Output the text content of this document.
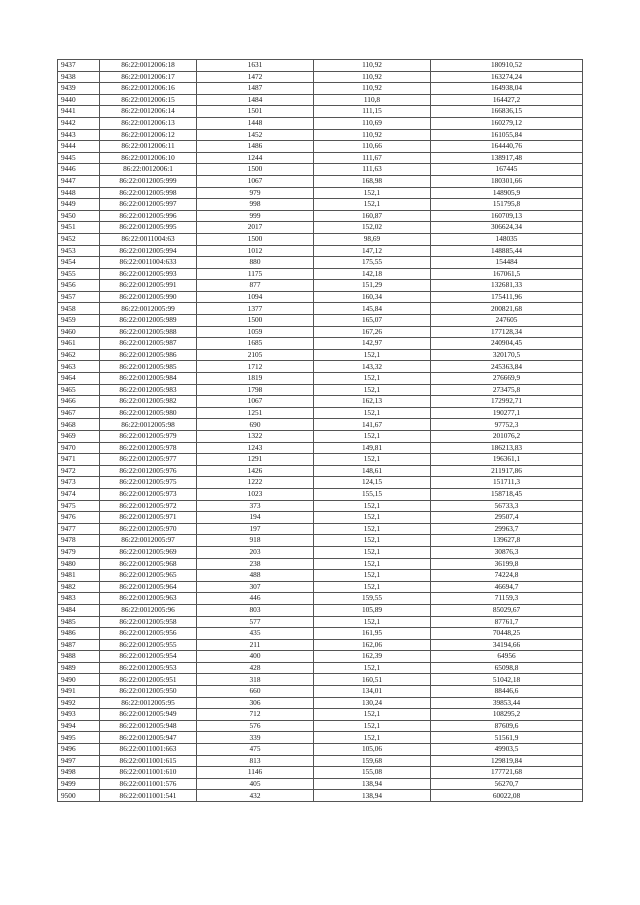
9437	86:22:0012006:18	1631	110,92	180910,52
9438	86:22:0012006:17	1472	110,92	163274,24
9439	86:22:0012006:16	1487	110,92	164938,04
9440	86:22:0012006:15	1484	110,8	164427,2
9441	86:22:0012006:14	1501	111,15	166836,15
9442	86:22:0012006:13	1448	110,69	160279,12
9443	86:22:0012006:12	1452	110,92	161055,84
9444	86:22:0012006:11	1486	110,66	164440,76
9445	86:22:0012006:10	1244	111,67	138917,48
9446	86:22:0012006:1	1500	111,63	167445
9447	86:22:0012005:999	1067	168,98	180301,66
9448	86:22:0012005:998	979	152,1	148905,9
9449	86:22:0012005:997	998	152,1	151795,8
9450	86:22:0012005:996	999	160,87	160709,13
9451	86:22:0012005:995	2017	152,02	306624,34
9452	86:22:0011004:63	1500	98,69	148035
9453	86:22:0012005:994	1012	147,12	148885,44
9454	86:22:0011004:633	880	175,55	154484
9455	86:22:0012005:993	1175	142,18	167061,5
9456	86:22:0012005:991	877	151,29	132681,33
9457	86:22:0012005:990	1094	160,34	175411,96
9458	86:22:0012005:99	1377	145,84	200821,68
9459	86:22:0012005:989	1500	165,07	247605
9460	86:22:0012005:988	1059	167,26	177128,34
9461	86:22:0012005:987	1685	142,97	240904,45
9462	86:22:0012005:986	2105	152,1	320170,5
9463	86:22:0012005:985	1712	143,32	245363,84
9464	86:22:0012005:984	1819	152,1	276669,9
9465	86:22:0012005:983	1798	152,1	273475,8
9466	86:22:0012005:982	1067	162,13	172992,71
9467	86:22:0012005:980	1251	152,1	190277,1
9468	86:22:0012005:98	690	141,67	97752,3
9469	86:22:0012005:979	1322	152,1	201076,2
9470	86:22:0012005:978	1243	149,81	186213,83
9471	86:22:0012005:977	1291	152,1	196361,1
9472	86:22:0012005:976	1426	148,61	211917,86
9473	86:22:0012005:975	1222	124,15	151711,3
9474	86:22:0012005:973	1023	155,15	158718,45
9475	86:22:0012005:972	373	152,1	56733,3
9476	86:22:0012005:971	194	152,1	29507,4
9477	86:22:0012005:970	197	152,1	29963,7
9478	86:22:0012005:97	918	152,1	139627,8
9479	86:22:0012005:969	203	152,1	30876,3
9480	86:22:0012005:968	238	152,1	36199,8
9481	86:22:0012005:965	488	152,1	74224,8
9482	86:22:0012005:964	307	152,1	46694,7
9483	86:22:0012005:963	446	159,55	71159,3
9484	86:22:0012005:96	803	105,89	85029,67
9485	86:22:0012005:958	577	152,1	87761,7
9486	86:22:0012005:956	435	161,95	70448,25
9487	86:22:0012005:955	211	162,06	34194,66
9488	86:22:0012005:954	400	162,39	64956
9489	86:22:0012005:953	428	152,1	65098,8
9490	86:22:0012005:951	318	160,51	51042,18
9491	86:22:0012005:950	660	134,01	88446,6
9492	86:22:0012005:95	306	130,24	39853,44
9493	86:22:0012005:949	712	152,1	108295,2
9494	86:22:0012005:948	576	152,1	87609,6
9495	86:22:0012005:947	339	152,1	51561,9
9496	86:22:0011001:663	475	105,06	49903,5
9497	86:22:0011001:615	813	159,68	129819,84
9498	86:22:0011001:610	1146	155,08	177721,68
9499	86:22:0011001:576	405	138,94	56270,7
9500	86:22:0011001:541	432	138,94	60022,08
